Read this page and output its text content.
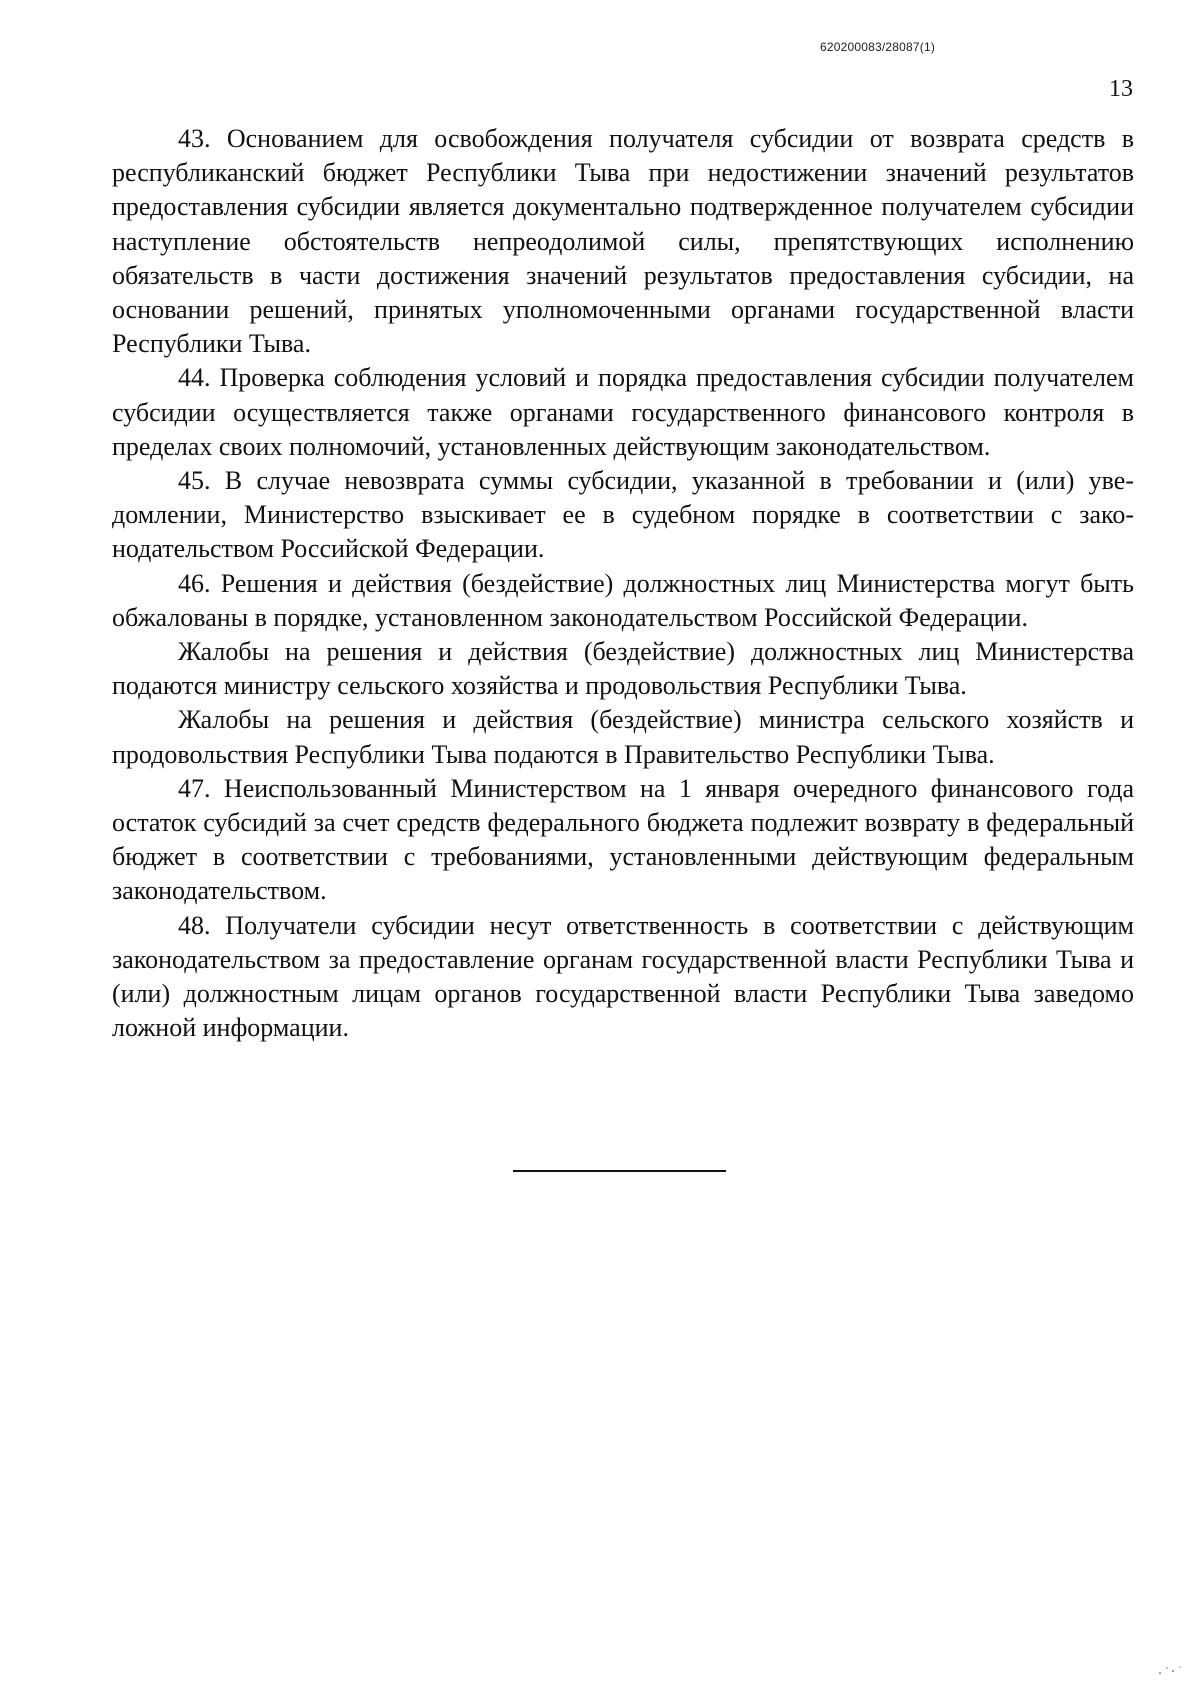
620200083/28087(1)
13

43. Основанием для освобождения получателя субсидии от возврата средств в республиканский бюджет Республики Тыва при недостижении значений результатов предоставления субсидии является документально подтвержденное получателем субсидии наступление обстоятельств непреодолимой силы, препятствующих исполнению обязательств в части достижения значений результатов предоставления субсидии, на основании решений, принятых уполномоченными органами государственной власти Республики Тыва.

44. Проверка соблюдения условий и порядка предоставления субсидии получателем субсидии осуществляется также органами государственного финансового контроля в пределах своих полномочий, установленных действующим законодательством.

45. В случае невозврата суммы субсидии, указанной в требовании и (или) уведомлении, Министерство взыскивает ее в судебном порядке в соответствии с законодательством Российской Федерации.

46. Решения и действия (бездействие) должностных лиц Министерства могут быть обжалованы в порядке, установленном законодательством Российской Федерации.

Жалобы на решения и действия (бездействие) должностных лиц Министерства подаются министру сельского хозяйства и продовольствия Республики Тыва.

Жалобы на решения и действия (бездействие) министра сельского хозяйств и продовольствия Республики Тыва подаются в Правительство Республики Тыва.

47. Неиспользованный Министерством на 1 января очередного финансового года остаток субсидий за счет средств федерального бюджета подлежит возврату в федеральный бюджет в соответствии с требованиями, установленными действующим федеральным законодательством.

48. Получатели субсидии несут ответственность в соответствии с действующим законодательством за предоставление органам государственной власти Республики Тыва и (или) должностным лицам органов государственной власти Республики Тыва заведомо ложной информации.
